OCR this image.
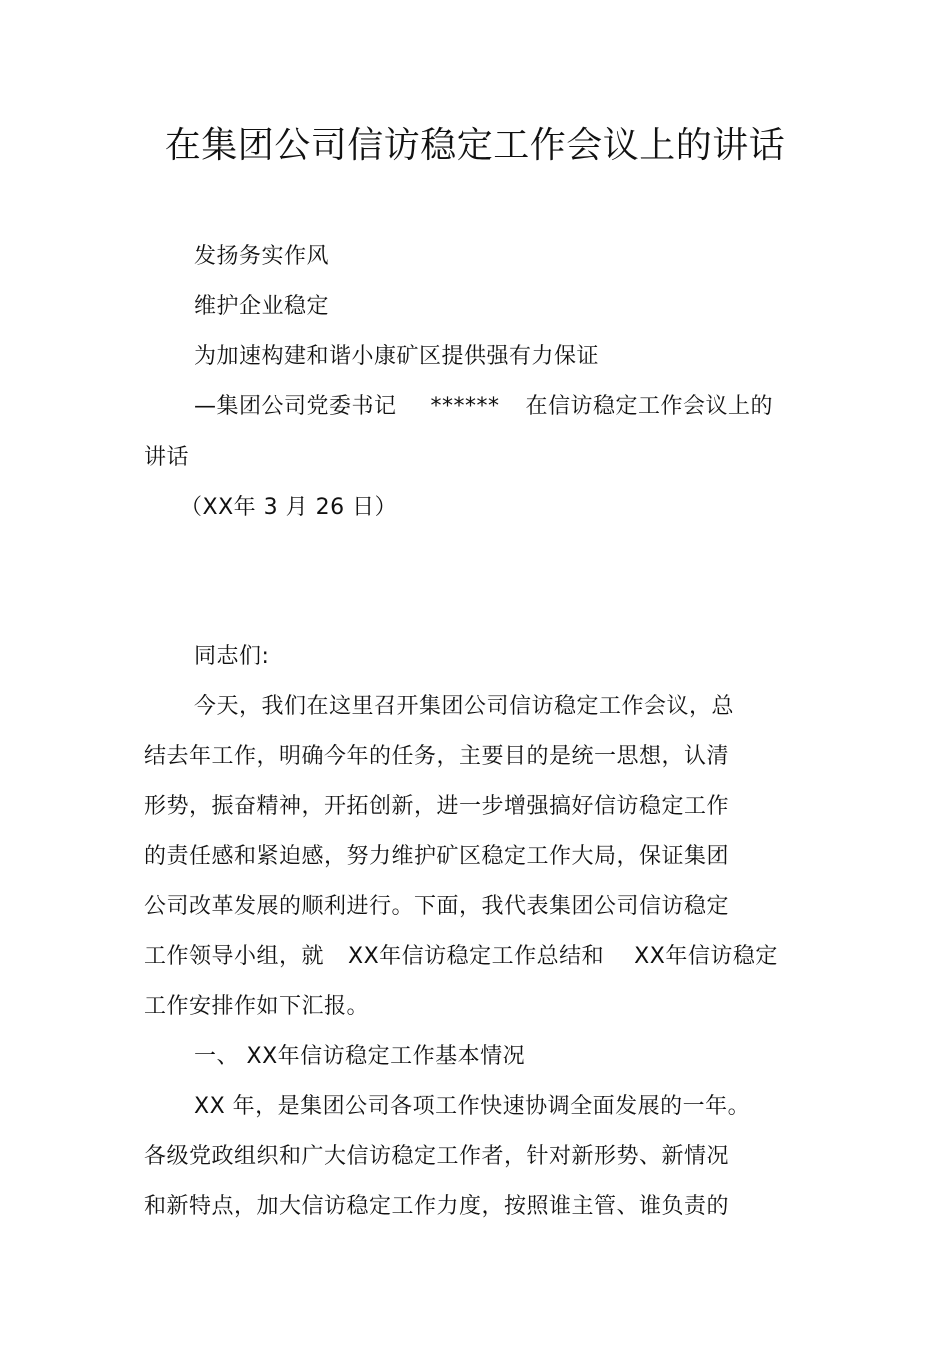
在集团公司信访稳定工作会议上的讲话
发扬务实作风
维护企业稳定
为加速构建和谐小康矿区提供强有力保证
—集团公司党委书记 ****** 在信访稳定工作会议上的
讲话
（XX年 3 月 26 日）
同志们:
今天，我们在这里召开集团公司信访稳定工作会议，总
结去年工作，明确今年的任务，主要目的是统一思想，认清
形势，振奋精神，开拓创新，进一步增强搞好信访稳定工作
的责任感和紧迫感，努力维护矿区稳定工作大局，保证集团
公司改革发展的顺利进行。下面，我代表集团公司信访稳定
工作领导小组，就 XX年信访稳定工作总结和 XX年信访稳定
工作安排作如下汇报。
一、 XX年信访稳定工作基本情况
XX 年，是集团公司各项工作快速协调全面发展的一年。
各级党政组织和广大信访稳定工作者，针对新形势、新情况
和新特点，加大信访稳定工作力度，按照谁主管、谁负责的
